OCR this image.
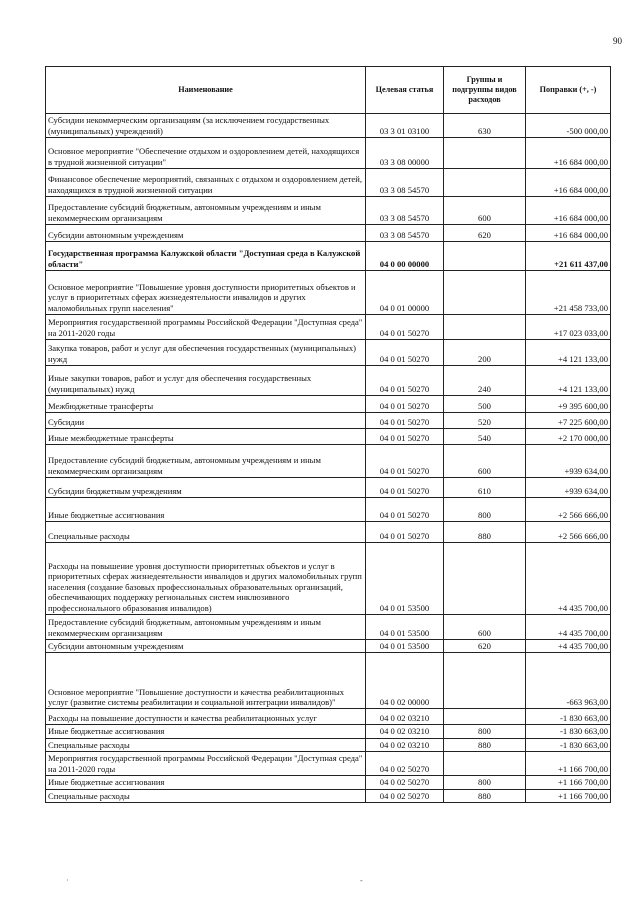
90
Наименование	Целевая статья	Группы и подгруппы видов расходов	Поправки (+, -)
Субсидии некоммерческим организациям (за исключением государственных (муниципальных) учреждений)	03 3 01 03100	630	-500 000,00
Основное мероприятие "Обеспечение отдыхом и оздоровлением детей, находящихся в трудной жизненной ситуации"	03 3 08 00000		+16 684 000,00
Финансовое обеспечение мероприятий, связанных с отдыхом и оздоровлением детей, находящихся в трудной жизненной ситуации	03 3 08 54570		+16 684 000,00
Предоставление субсидий бюджетным, автономным учреждениям и иным некоммерческим организациям	03 3 08 54570	600	+16 684 000,00
Субсидии автономным учреждениям	03 3 08 54570	620	+16 684 000,00
Государственная программа Калужской области "Доступная среда в Калужской области"	04 0 00 00000		+21 611 437,00
Основное мероприятие "Повышение уровня доступности приоритетных объектов и услуг в приоритетных сферах жизнедеятельности инвалидов и других маломобильных групп населения"	04 0 01 00000		+21 458 733,00
Мероприятия государственной программы Российской Федерации "Доступная среда" на 2011-2020 годы	04 0 01 50270		+17 023 033,00
Закупка товаров, работ и услуг для обеспечения государственных (муниципальных) нужд	04 0 01 50270	200	+4 121 133,00
Иные закупки товаров, работ и услуг для обеспечения государственных (муниципальных) нужд	04 0 01 50270	240	+4 121 133,00
Межбюджетные трансферты	04 0 01 50270	500	+9 395 600,00
Субсидии	04 0 01 50270	520	+7 225 600,00
Иные межбюджетные трансферты	04 0 01 50270	540	+2 170 000,00
Предоставление субсидий бюджетным, автономным учреждениям и иным некоммерческим организациям	04 0 01 50270	600	+939 634,00
Субсидии бюджетным учреждениям	04 0 01 50270	610	+939 634,00
Иные бюджетные ассигнования	04 0 01 50270	800	+2 566 666,00
Специальные расходы	04 0 01 50270	880	+2 566 666,00
Расходы на повышение уровня доступности приоритетных объектов и услуг в приоритетных сферах жизнедеятельности инвалидов и других маломобильных групп населения (создание базовых профессиональных образовательных организаций, обеспечивающих поддержку региональных систем инклюзивного профессионального образования инвалидов)	04 0 01 53500		+4 435 700,00
Предоставление субсидий бюджетным, автономным учреждениям и иным некоммерческим организациям	04 0 01 53500	600	+4 435 700,00
Субсидии автономным учреждениям	04 0 01 53500	620	+4 435 700,00
Основное мероприятие "Повышение доступности и качества реабилитационных услуг (развитие системы реабилитации и социальной интеграции инвалидов)"	04 0 02 00000		-663 963,00
Расходы на повышение доступности и качества реабилитационных услуг	04 0 02 03210		-1 830 663,00
Иные бюджетные ассигнования	04 0 02 03210	800	-1 830 663,00
Специальные расходы	04 0 02 03210	880	-1 830 663,00
Мероприятия государственной программы Российской Федерации "Доступная среда" на 2011-2020 годы	04 0 02 50270		+1 166 700,00
Иные бюджетные ассигнования	04 0 02 50270	800	+1 166 700,00
Специальные расходы	04 0 02 50270	880	+1 166 700,00
·	-
